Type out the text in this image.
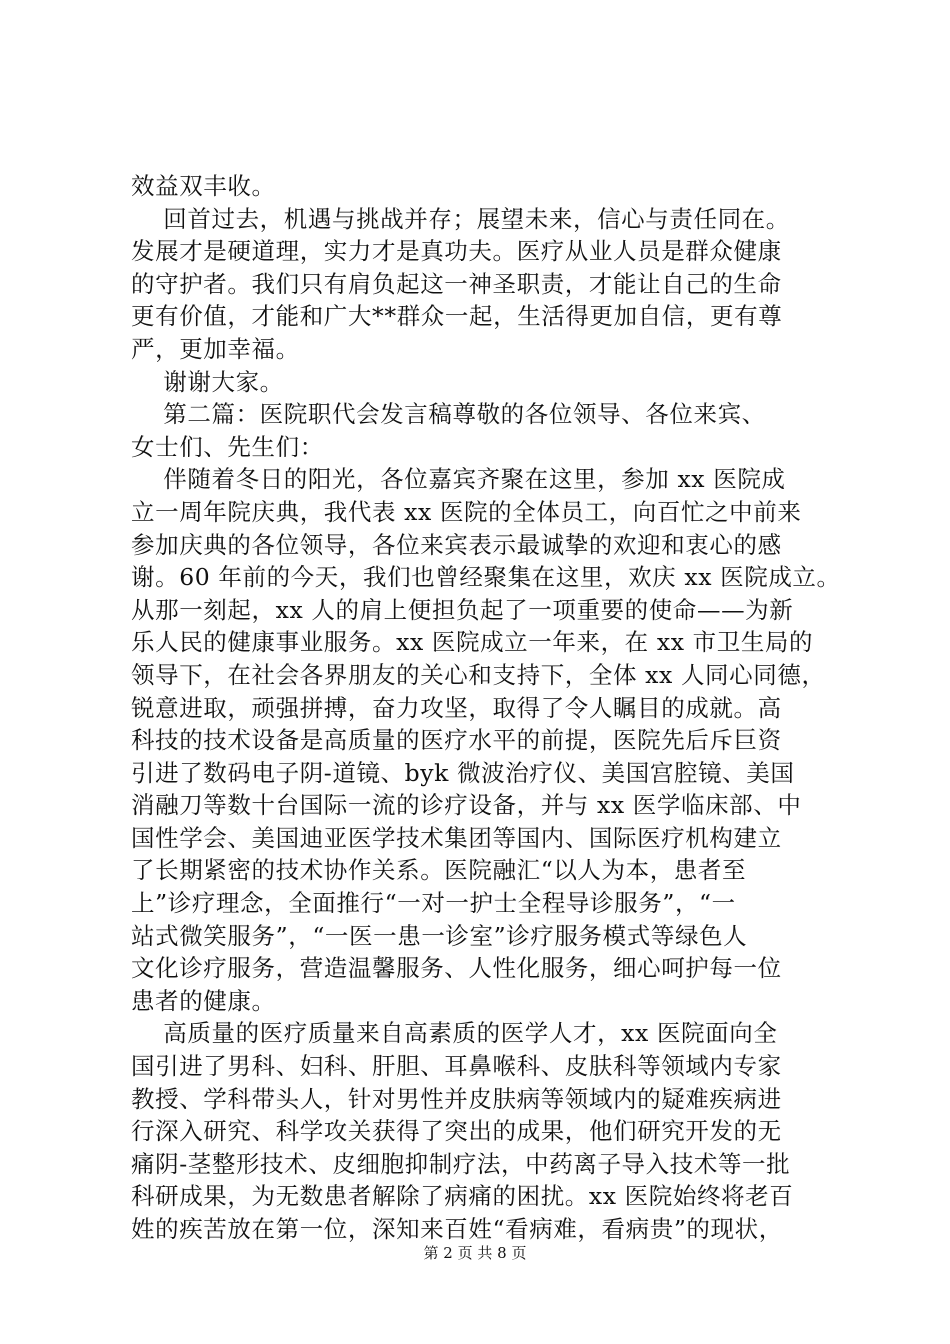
效益双丰收。
回首过去，机遇与挑战并存；展望未来，信心与责任同在。
发展才是硬道理，实力才是真功夫。医疗从业人员是群众健康
的守护者。我们只有肩负起这一神圣职责，才能让自己的生命
更有价值，才能和广大**群众一起，生活得更加自信，更有尊
严，更加幸福。
谢谢大家。
第二篇：医院职代会发言稿尊敬的各位领导、各位来宾、
女士们、先生们：
伴随着冬日的阳光，各位嘉宾齐聚在这里，参加 xx 医院成
立一周年院庆典，我代表 xx 医院的全体员工，向百忙之中前来
参加庆典的各位领导，各位来宾表示最诚挚的欢迎和衷心的感
谢。60 年前的今天，我们也曾经聚集在这里，欢庆 xx 医院成立。
从那一刻起，xx 人的肩上便担负起了一项重要的使命——为新
乐人民的健康事业服务。xx 医院成立一年来，在 xx 市卫生局的
领导下，在社会各界朋友的关心和支持下，全体 xx 人同心同德，
锐意进取，顽强拼搏，奋力攻坚，取得了令人瞩目的成就。高
科技的技术设备是高质量的医疗水平的前提，医院先后斥巨资
引进了数码电子阴-道镜、byk 微波治疗仪、美国宫腔镜、美国
消融刀等数十台国际一流的诊疗设备，并与 xx 医学临床部、中
国性学会、美国迪亚医学技术集团等国内、国际医疗机构建立
了长期紧密的技术协作关系。医院融汇“以人为本，患者至
上”诊疗理念，全面推行“一对一护士全程导诊服务”，“一
站式微笑服务”，“一医一患一诊室”诊疗服务模式等绿色人
文化诊疗服务，营造温馨服务、人性化服务，细心呵护每一位
患者的健康。
高质量的医疗质量来自高素质的医学人才，xx 医院面向全
国引进了男科、妇科、肝胆、耳鼻喉科、皮肤科等领域内专家
教授、学科带头人，针对男性并皮肤病等领域内的疑难疾病进
行深入研究、科学攻关获得了突出的成果，他们研究开发的无
痛阴-茎整形技术、皮细胞抑制疗法，中药离子导入技术等一批
科研成果，为无数患者解除了病痛的困扰。xx 医院始终将老百
姓的疾苦放在第一位，深知来百姓“看病难，看病贵”的现状，
第 2 页 共 8 页
